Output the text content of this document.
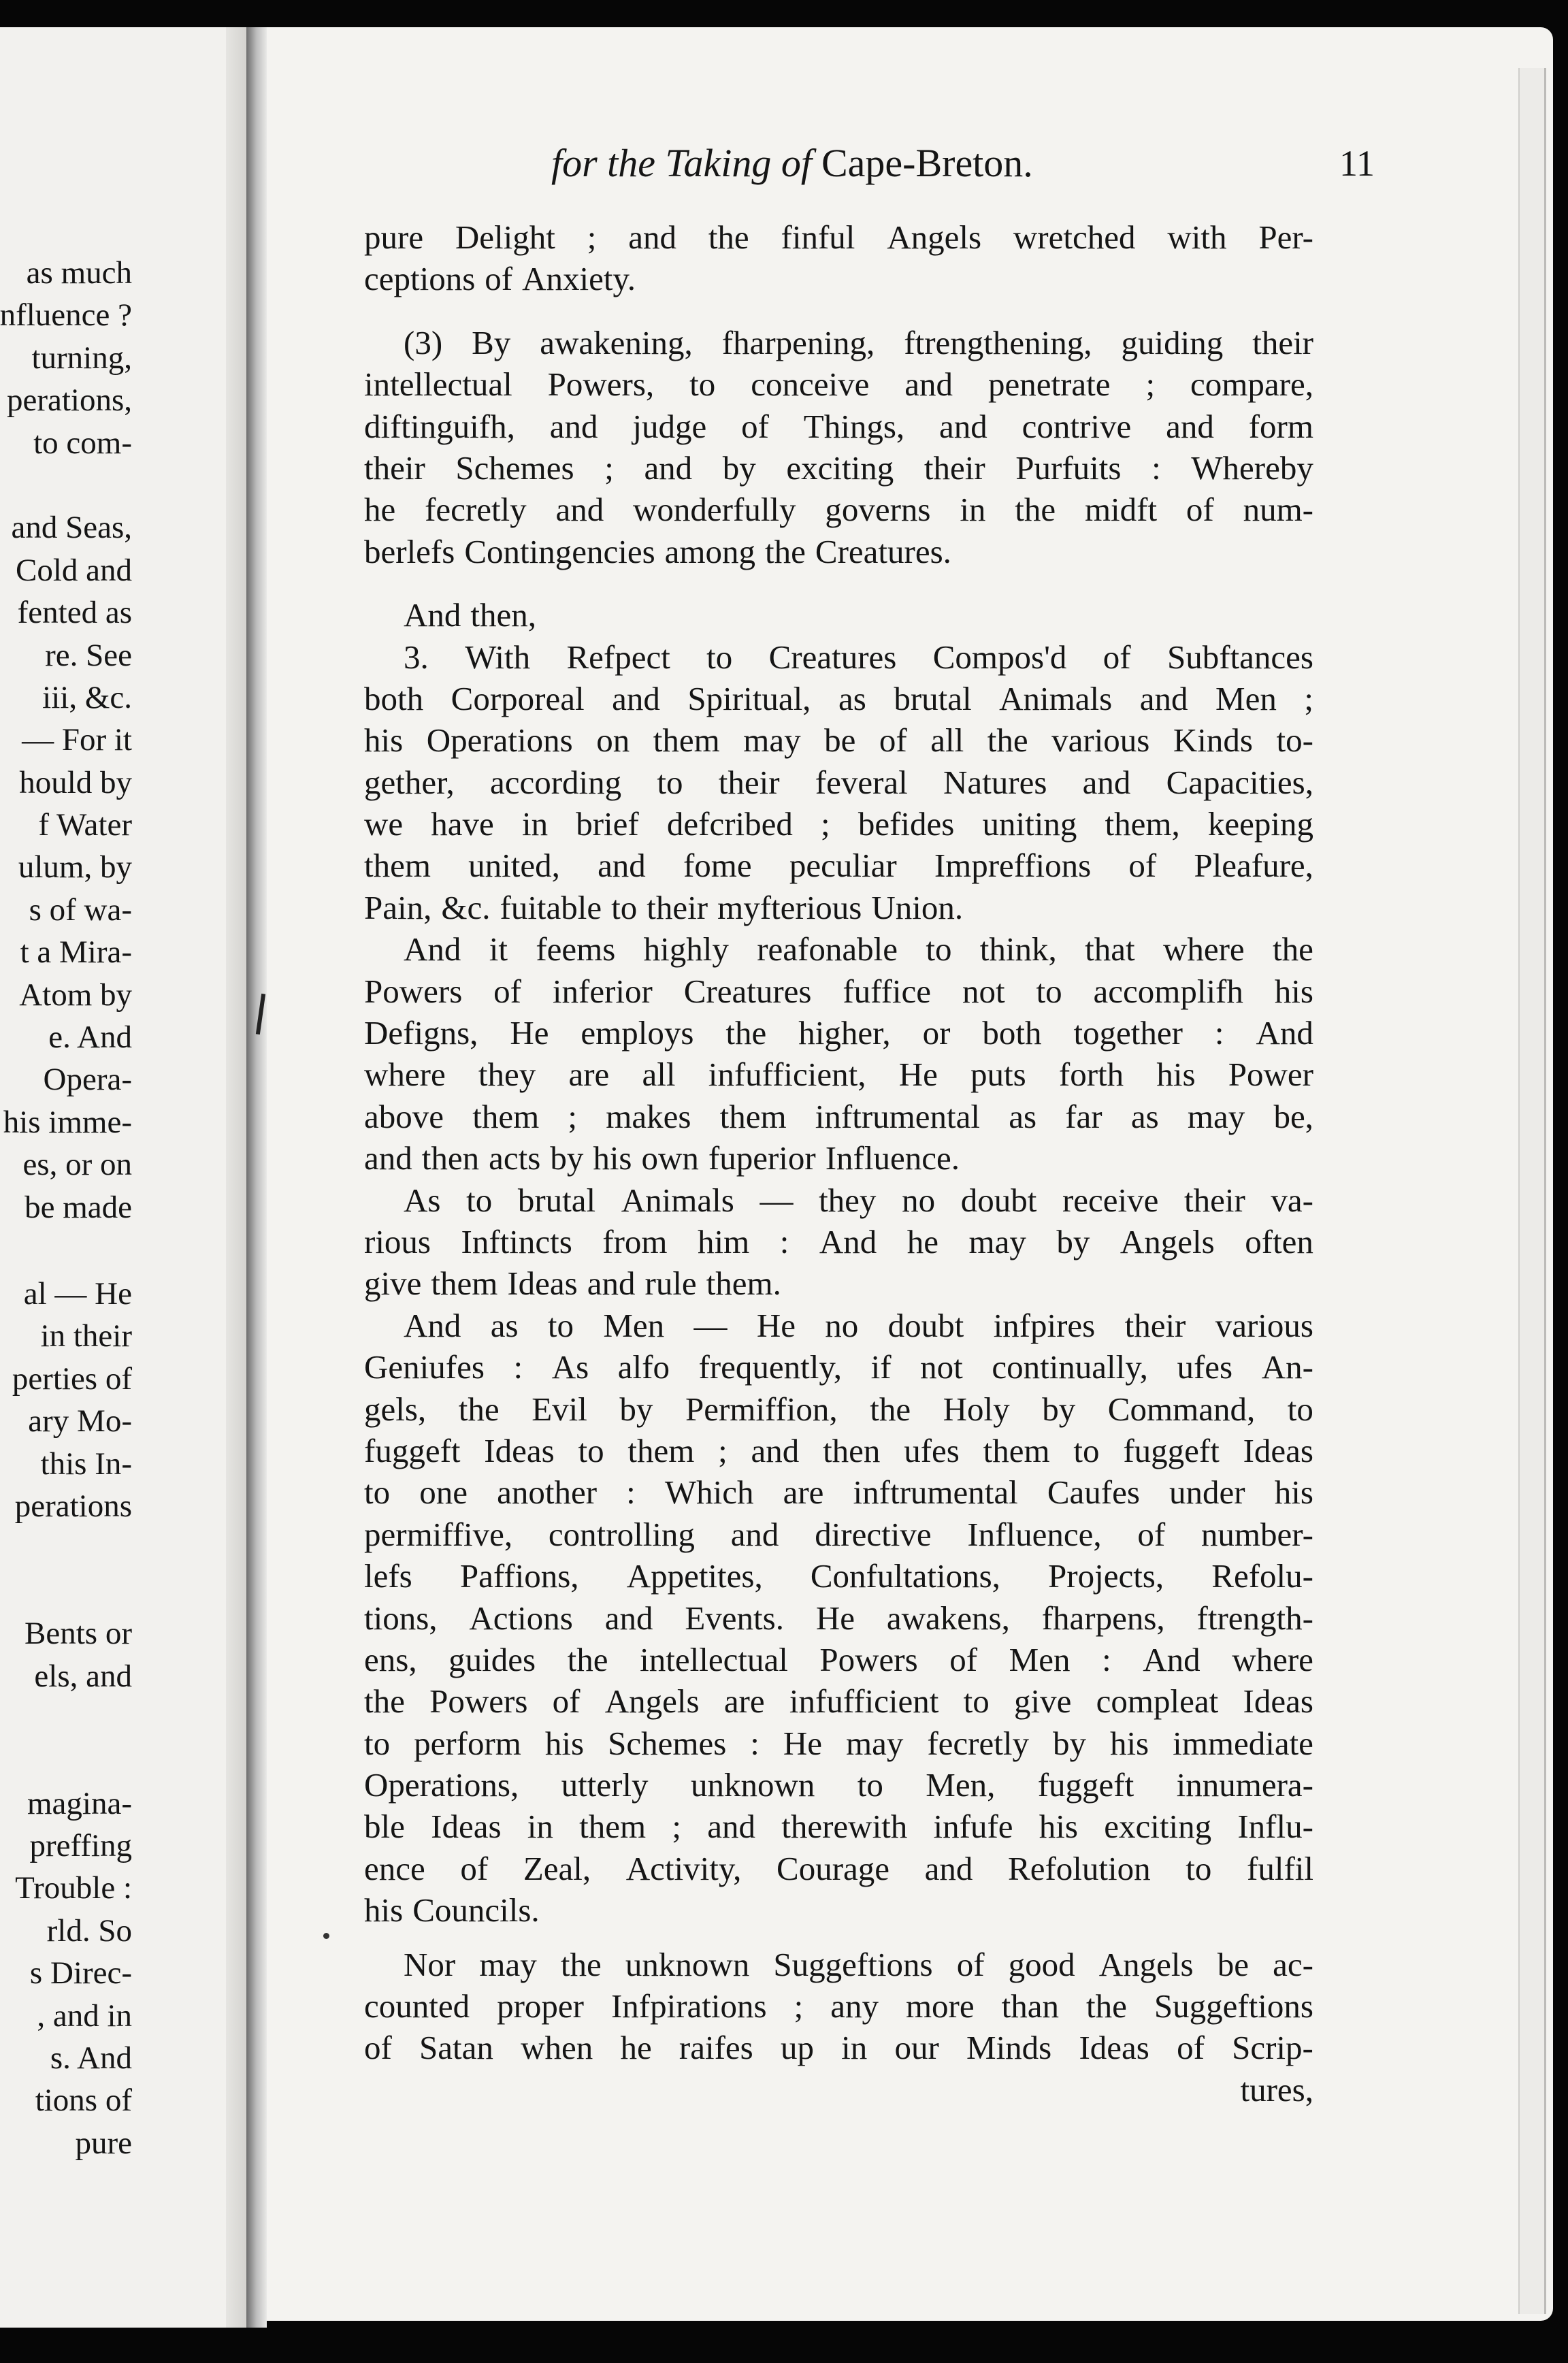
as much
nfluence ?
turning,
perations,
to com-
and Seas,
Cold and
fented as
re. See
iii, &c.
— For it
hould by
f Water
ulum, by
s of wa-
t a Mira-
Atom by
e. And
Opera-
his imme-
es, or on
be made
al — He
in their
perties of
ary Mo-
this In-
perations
Bents or
els, and
magina-
preffing
Trouble :
rld. So
s Direc-
, and in
s. And
tions of
pure
for the Taking of Cape-Breton.	11
pure Delight ; and the finful Angels wretched with Per-
ceptions of Anxiety.
(3) By awakening, fharpening, ftrengthening, guiding their
intellectual Powers, to conceive and penetrate ; compare,
diftinguifh, and judge of Things, and contrive and form
their Schemes ; and by exciting their Purfuits : Whereby
he fecretly and wonderfully governs in the midft of num-
berlefs Contingencies among the Creatures.
And then,
3. With Refpect to Creatures Compos'd of Subftances
both Corporeal and Spiritual, as brutal Animals and Men ;
his Operations on them may be of all the various Kinds to-
gether, according to their feveral Natures and Capacities,
we have in brief defcribed ; befides uniting them, keeping
them united, and fome peculiar Impreffions of Pleafure,
Pain, &c. fuitable to their myfterious Union.
And it feems highly reafonable to think, that where the
Powers of inferior Creatures fuffice not to accomplifh his
Defigns, He employs the higher, or both together : And
where they are all infufficient, He puts forth his Power
above them ; makes them inftrumental as far as may be,
and then acts by his own fuperior Influence.
As to brutal Animals — they no doubt receive their va-
rious Inftincts from him : And he may by Angels often
give them Ideas and rule them.
And as to Men — He no doubt infpires their various
Geniufes : As alfo frequently, if not continually, ufes An-
gels, the Evil by Permiffion, the Holy by Command, to
fuggeft Ideas to them ; and then ufes them to fuggeft Ideas
to one another : Which are inftrumental Caufes under his
permiffive, controlling and directive Influence, of number-
lefs Paffions, Appetites, Confultations, Projects, Refolu-
tions, Actions and Events. He awakens, fharpens, ftrength-
ens, guides the intellectual Powers of Men : And where
the Powers of Angels are infufficient to give compleat Ideas
to perform his Schemes : He may fecretly by his immediate
Operations, utterly unknown to Men, fuggeft innumera-
ble Ideas in them ; and therewith infufe his exciting Influ-
ence of Zeal, Activity, Courage and Refolution to fulfil
his Councils.
Nor may the unknown Suggeftions of good Angels be ac-
counted proper Infpirations ; any more than the Suggeftions
of Satan when he raifes up in our Minds Ideas of Scrip-
tures,
